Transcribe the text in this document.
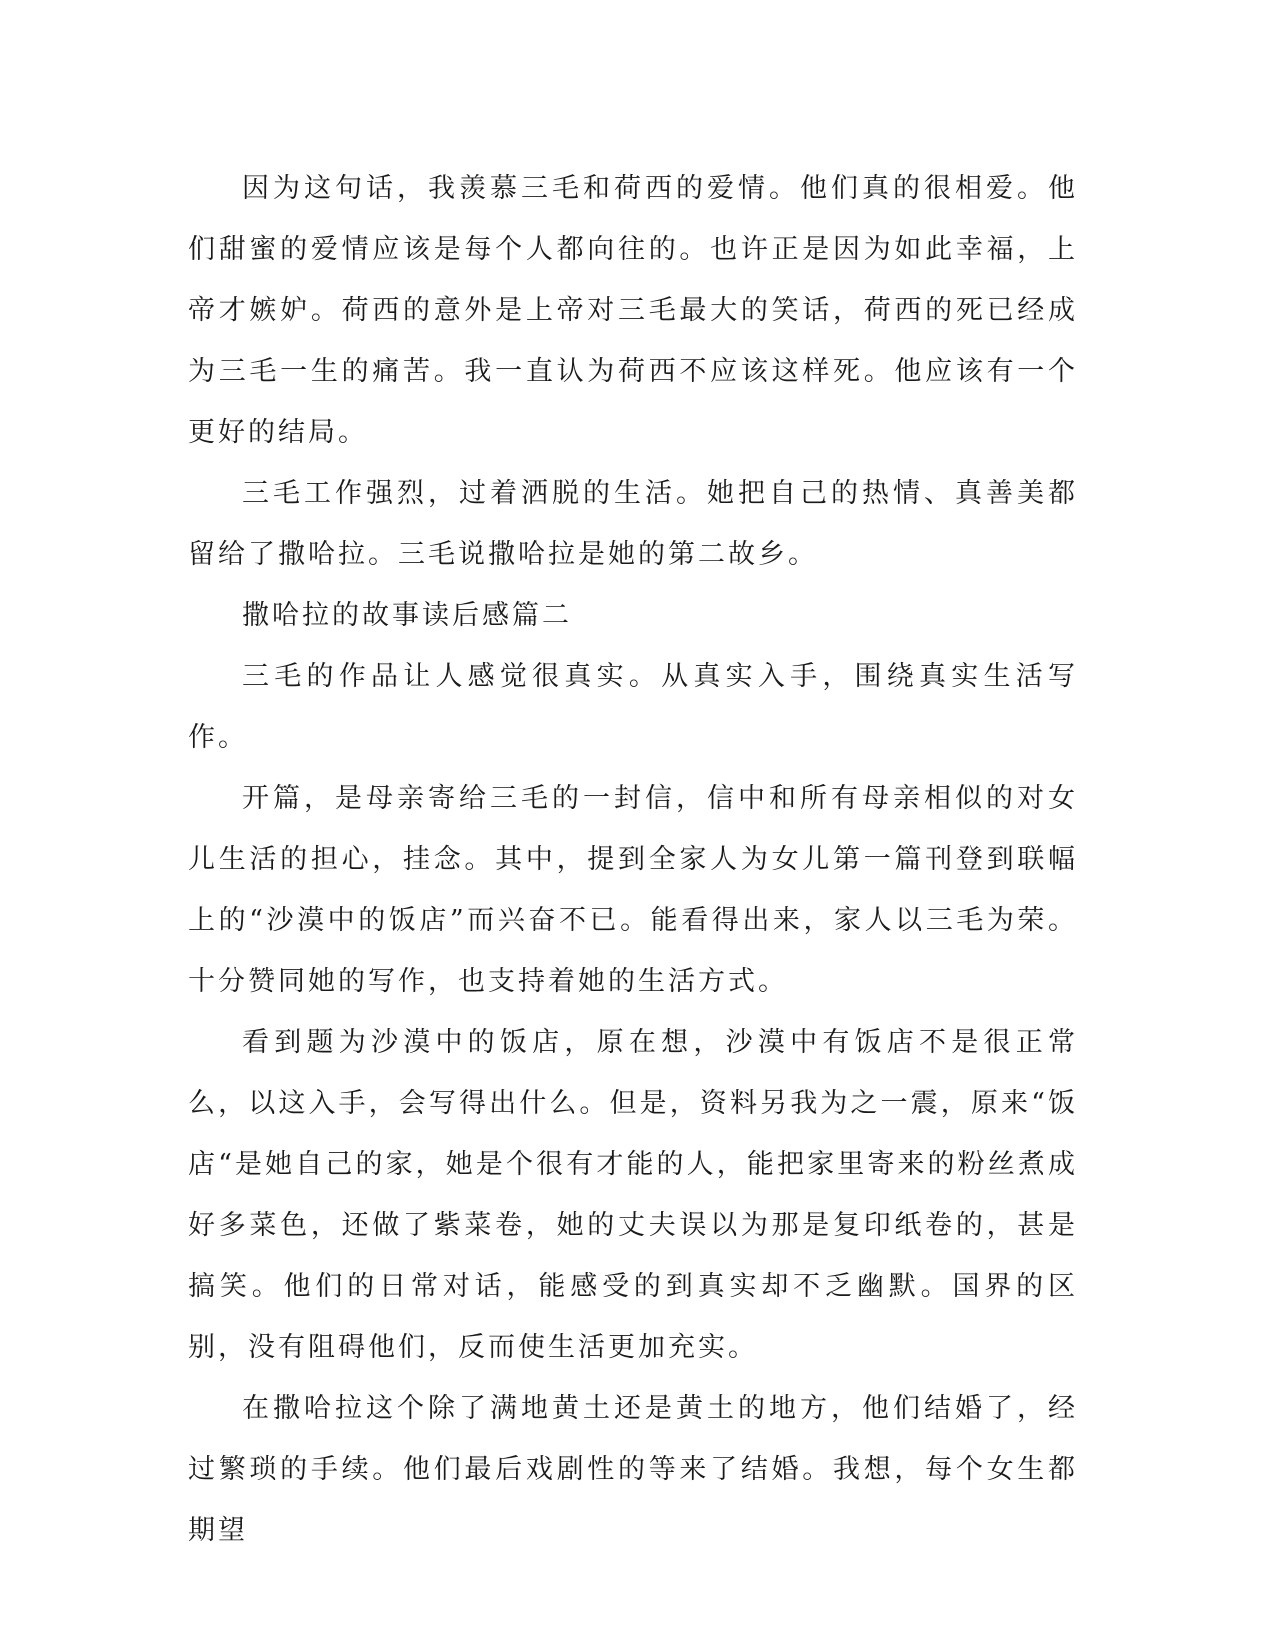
因为这句话，我羡慕三毛和荷西的爱情。他们真的很相爱。他们甜蜜的爱情应该是每个人都向往的。也许正是因为如此幸福，上帝才嫉妒。荷西的意外是上帝对三毛最大的笑话，荷西的死已经成为三毛一生的痛苦。我一直认为荷西不应该这样死。他应该有一个更好的结局。

三毛工作强烈，过着洒脱的生活。她把自己的热情、真善美都留给了撒哈拉。三毛说撒哈拉是她的第二故乡。

撒哈拉的故事读后感篇二

三毛的作品让人感觉很真实。从真实入手，围绕真实生活写作。

开篇，是母亲寄给三毛的一封信，信中和所有母亲相似的对女儿生活的担心，挂念。其中，提到全家人为女儿第一篇刊登到联幅上的“沙漠中的饭店”而兴奋不已。能看得出来，家人以三毛为荣。十分赞同她的写作，也支持着她的生活方式。

看到题为沙漠中的饭店，原在想，沙漠中有饭店不是很正常么，以这入手，会写得出什么。但是，资料另我为之一震，原来“饭店“是她自己的家，她是个很有才能的人，能把家里寄来的粉丝煮成好多菜色，还做了紫菜卷，她的丈夫误以为那是复印纸卷的，甚是搞笑。他们的日常对话，能感受的到真实却不乏幽默。国界的区别，没有阻碍他们，反而使生活更加充实。

在撒哈拉这个除了满地黄土还是黄土的地方，他们结婚了，经过繁琐的手续。他们最后戏剧性的等来了结婚。我想，每个女生都期望
